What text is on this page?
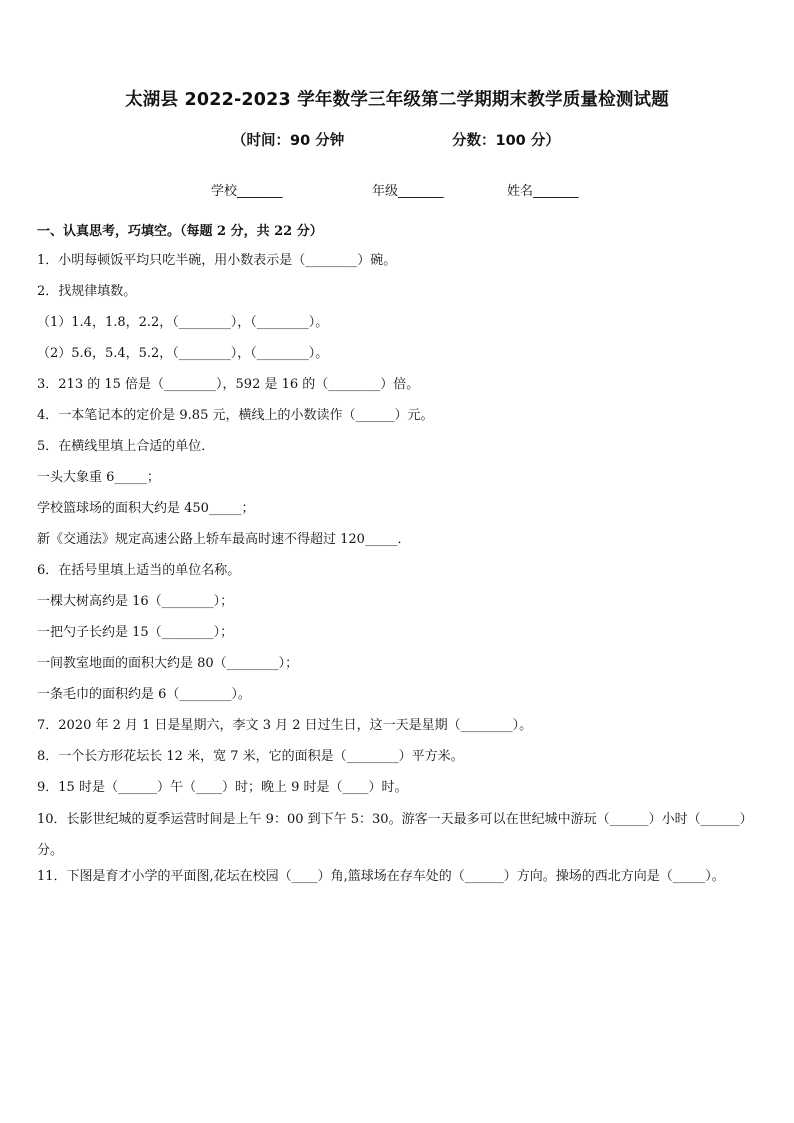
太湖县 2022-2023 学年数学三年级第二学期期末教学质量检测试题
（时间：90 分钟	分数：100 分）
学校_______	年级_______	姓名_______
一、认真思考，巧填空。（每题 2 分，共 22 分）
1．小明每顿饭平均只吃半碗，用小数表示是（________）碗。
2．找规律填数。
（1）1.4，1.8，2.2，（________），（________）。
（2）5.6，5.4，5.2，（________），（________）。
3．213 的 15 倍是（________），592 是 16 的（________）倍。
4．一本笔记本的定价是 9.85 元，横线上的小数读作（______）元。
5．在横线里填上合适的单位．
一头大象重 6_____；
学校篮球场的面积大约是 450_____；
新《交通法》规定高速公路上轿车最高时速不得超过 120_____．
6．在括号里填上适当的单位名称。
一棵大树高约是 16（________）；
一把勺子长约是 15（________）；
一间教室地面的面积大约是 80（________）；
一条毛巾的面积约是 6（________）。
7．2020 年 2 月 1 日是星期六，李文 3 月 2 日过生日，这一天是星期（________）。
8．一个长方形花坛长 12 米，宽 7 米，它的面积是（________）平方米。
9．15 时是（______）午（____）时；晚上 9 时是（____）时。
10．长影世纪城的夏季运营时间是上午 9：00 到下午 5：30。游客一天最多可以在世纪城中游玩（______）小时（______）分。
11．下图是育才小学的平面图,花坛在校园（____）角,篮球场在存车处的（______）方向。操场的西北方向是（_____）。
